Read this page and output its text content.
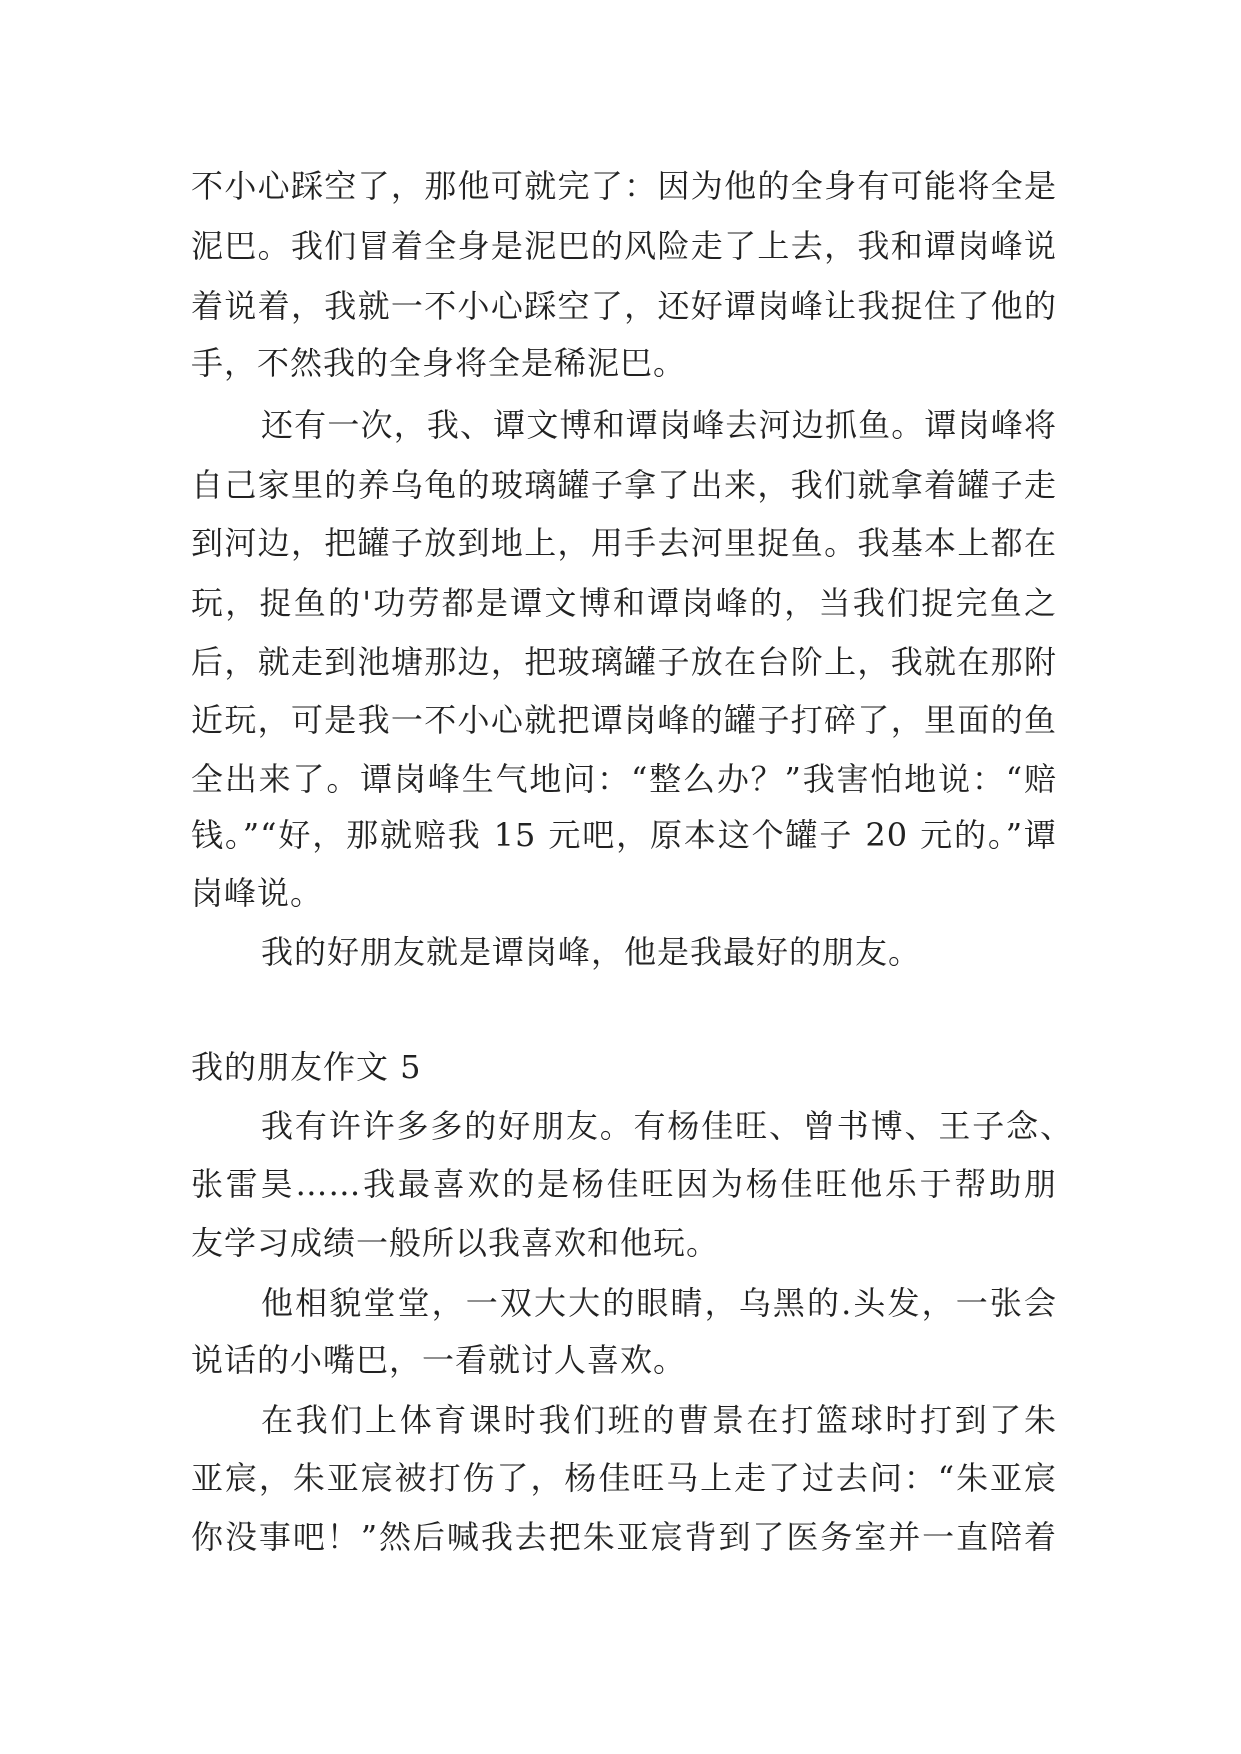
不小心踩空了，那他可就完了：因为他的全身有可能将全是
泥巴。我们冒着全身是泥巴的风险走了上去，我和谭岗峰说
着说着，我就一不小心踩空了，还好谭岗峰让我捉住了他的
手，不然我的全身将全是稀泥巴。
还有一次，我、谭文博和谭岗峰去河边抓鱼。谭岗峰将
自己家里的养乌龟的玻璃罐子拿了出来，我们就拿着罐子走
到河边，把罐子放到地上，用手去河里捉鱼。我基本上都在
玩，捉鱼的'功劳都是谭文博和谭岗峰的，当我们捉完鱼之
后，就走到池塘那边，把玻璃罐子放在台阶上，我就在那附
近玩，可是我一不小心就把谭岗峰的罐子打碎了，里面的鱼
全出来了。谭岗峰生气地问：“整么办？”我害怕地说：“赔
钱。”“好，那就赔我 15 元吧，原本这个罐子 20 元的。”谭
岗峰说。
我的好朋友就是谭岗峰，他是我最好的朋友。
我的朋友作文 5
我有许许多多的好朋友。有杨佳旺、曾书博、王子念、
张雷昊……我最喜欢的是杨佳旺因为杨佳旺他乐于帮助朋
友学习成绩一般所以我喜欢和他玩。
他相貌堂堂，一双大大的眼睛，乌黑的.头发，一张会
说话的小嘴巴，一看就讨人喜欢。
在我们上体育课时我们班的曹景在打篮球时打到了朱
亚宸，朱亚宸被打伤了，杨佳旺马上走了过去问：“朱亚宸
你没事吧！”然后喊我去把朱亚宸背到了医务室并一直陪着
